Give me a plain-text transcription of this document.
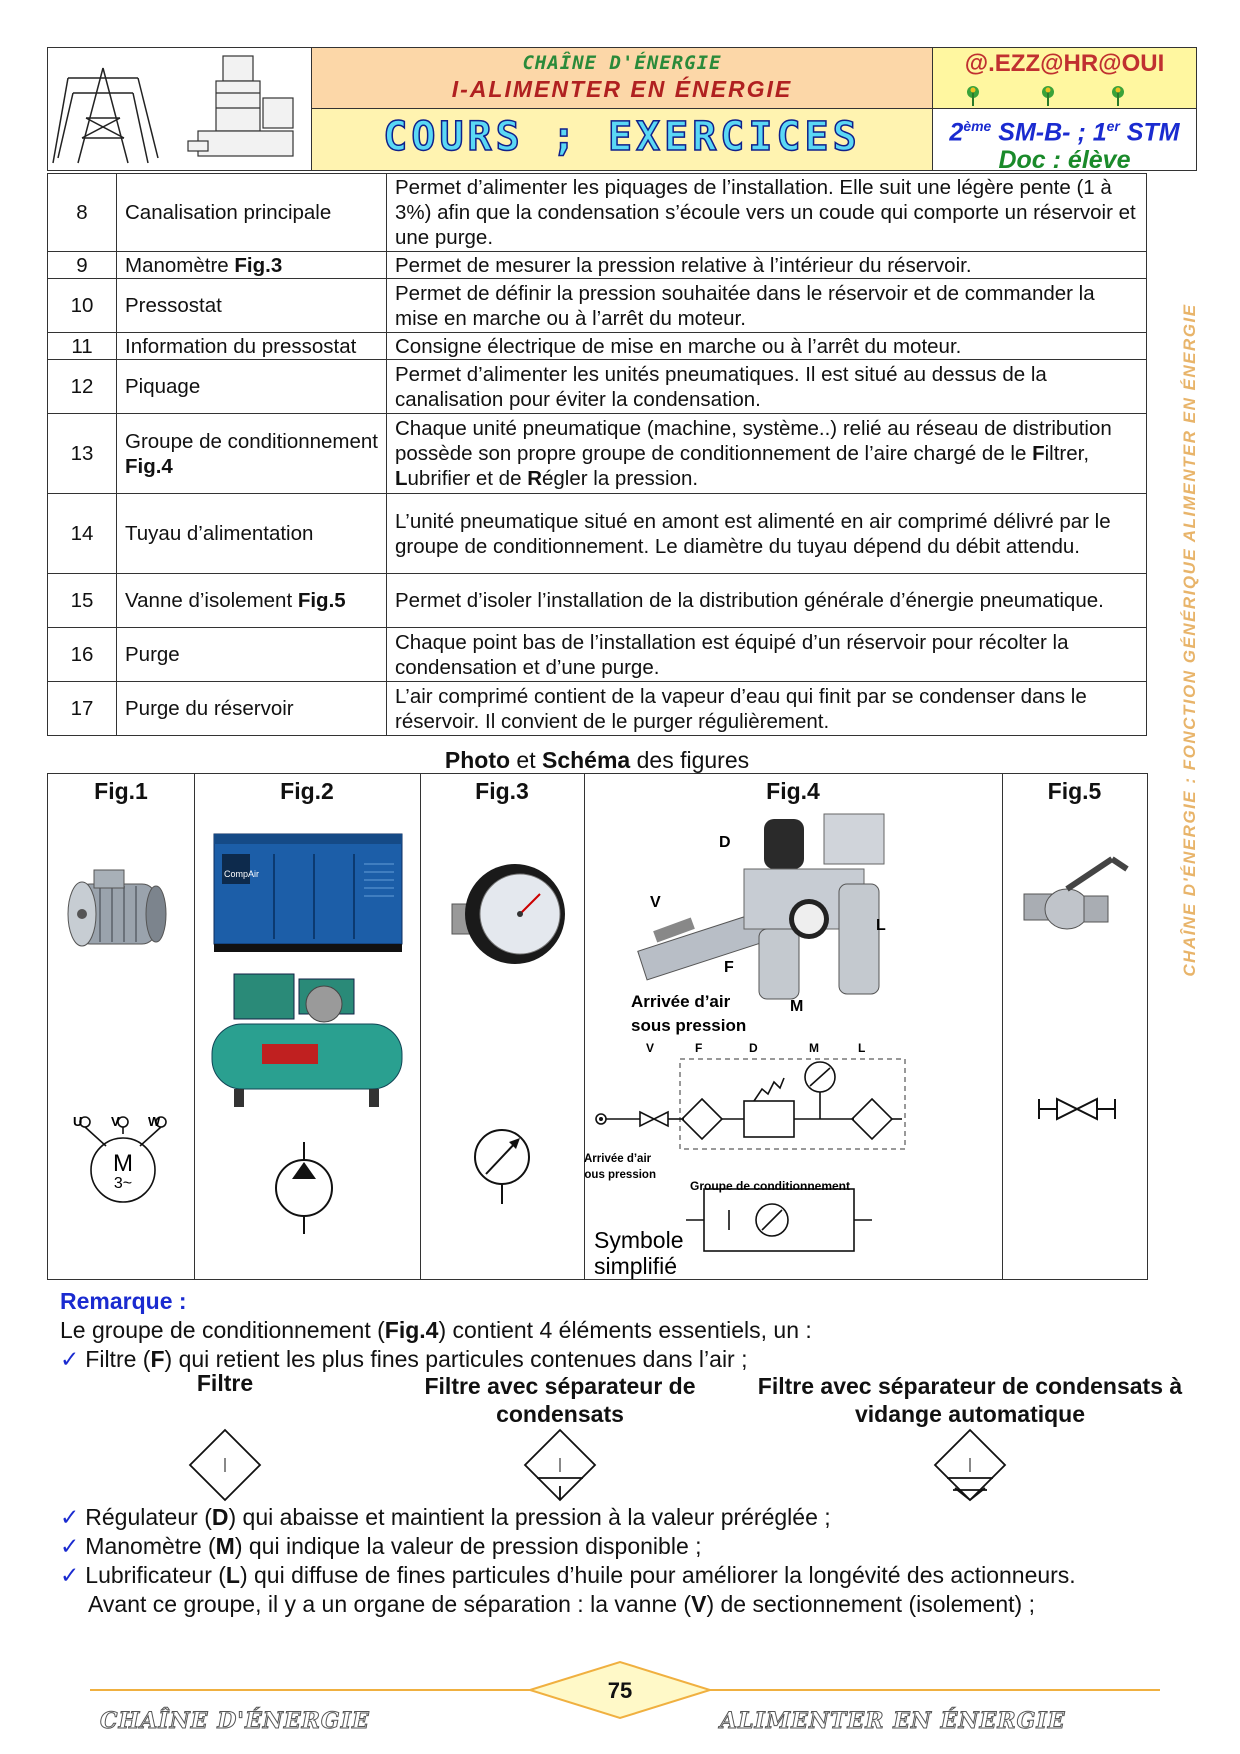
CHAÎNE D'ÉNERGIE
I-ALIMENTER EN ÉNERGIE
COURS ; EXERCICES
@.EZZ@HR@OUI
2ème SM-B- ; 1er STM
Doc : élève
CHAÎNE D'ÉNERGIE : FONCTION GÉNÉRIQUE ALIMENTER EN ÉNERGIE
8	Canalisation principale	Permet d’alimenter les piquages de l’installation. Elle suit une légère pente (1 à 3%) afin que la condensation s’écoule vers un coude qui comporte un réservoir et une purge.
9	Manomètre Fig.3	Permet de mesurer la pression relative à l’intérieur du réservoir.
10	Pressostat	Permet de définir la pression souhaitée dans le réservoir et de commander la mise en marche ou à l’arrêt du moteur.
11	Information du pressostat	Consigne électrique de mise en marche ou à l’arrêt du moteur.
12	Piquage	Permet d’alimenter les unités pneumatiques. Il est situé au dessus de la canalisation pour éviter la condensation.
13	Groupe de conditionnement Fig.4	Chaque unité pneumatique (machine, système..) relié au réseau de distribution possède son propre groupe de conditionnement de l’aire chargé de le Filtrer, Lubrifier et de Régler la pression.
14	Tuyau d’alimentation	L’unité pneumatique situé en amont est alimenté en air comprimé délivré par le groupe de conditionnement. Le diamètre du tuyau dépend du débit attendu.
15	Vanne d’isolement Fig.5	Permet d’isoler l’installation de la distribution générale d’énergie pneumatique.
16	Purge	Chaque point bas de l’installation est équipé d’un réservoir pour récolter la condensation et d’une purge.
17	Purge du réservoir	L’air comprimé contient de la vapeur d’eau qui finit par se condenser dans le réservoir. Il convient de le purger régulièrement.
Photo et Schéma des figures
Fig.1
U V W
M
3~
Fig.2
CompAir
Fig.3	Fig.4
D
V
L
F
M
Arrivée d’air
sous pression
V	F	D	M	L
Arrivée d’air
sous pression
Groupe de conditionnement
Symbole
simplifié
Fig.5
Remarque :
Le groupe de conditionnement (Fig.4) contient 4 éléments essentiels, un :
✓ Filtre (F) qui retient les plus fines particules contenues dans l’air ;
Filtre	Filtre avec séparateur de condensats
Filtre avec séparateur de condensats à vidange automatique
✓ Régulateur (D) qui abaisse et maintient la pression à la valeur préréglée ;
✓ Manomètre (M) qui indique la valeur de pression disponible ;
✓ Lubrificateur (L) qui diffuse de fines particules d’huile pour améliorer la longévité des actionneurs.
Avant ce groupe, il y a un organe de séparation : la vanne (V) de sectionnement (isolement) ;
75
CHAÎNE D'ÉNERGIE	ALIMENTER EN ÉNERGIE
